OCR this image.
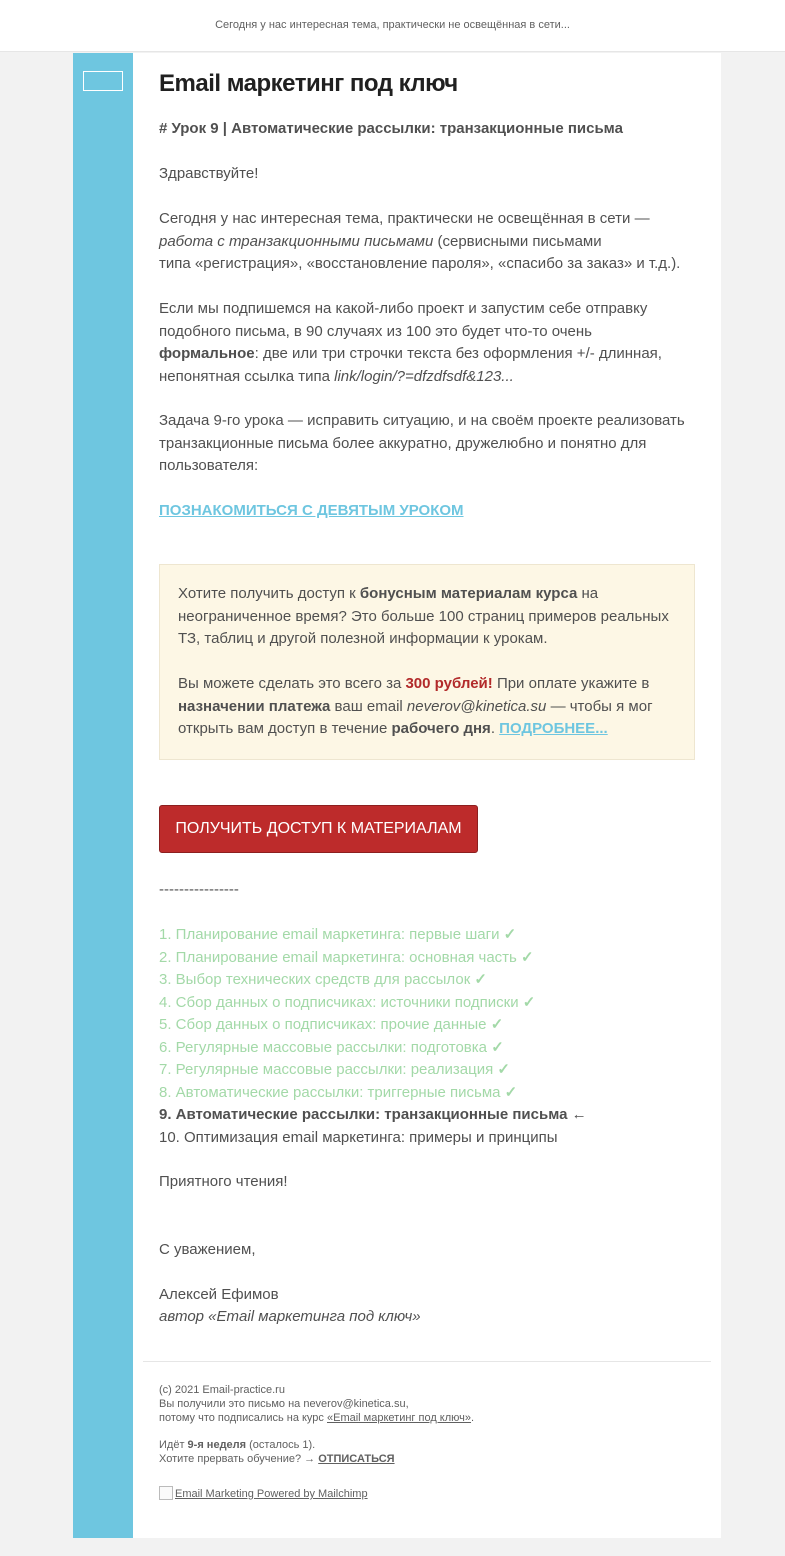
Сегодня у нас интересная тема, практически не освещённая в сети...
Email маркетинг под ключ

# Урок 9 | Автоматические рассылки: транзакционные письма

Здравствуйте!

Сегодня у нас интересная тема, практически не освещённая в сети —
работа с транзакционными письмами (сервисными письмами
типа «регистрация», «восстановление пароля», «спасибо за заказ» и т.д.).

Если мы подпишемся на какой-либо проект и запустим себе отправку
подобного письма, в 90 случаях из 100 это будет что-то очень
формальное: две или три строчки текста без оформления +/- длинная,
непонятная ссылка типа link/login/?=dfzdfsdf&123...

Задача 9-го урока — исправить ситуацию, и на своём проекте реализовать
транзакционные письма более аккуратно, дружелюбно и понятно для
пользователя:

ПОЗНАКОМИТЬСЯ С ДЕВЯТЫМ УРОКОМ

Хотите получить доступ к бонусным материалам курса на
неограниченное время? Это больше 100 страниц примеров реальных
ТЗ, таблиц и другой полезной информации к урокам.

Вы можете сделать это всего за 300 рублей! При оплате укажите в
назначении платежа ваш email neverov@kinetica.su — чтобы я мог
открыть вам доступ в течение рабочего дня. ПОДРОБНЕЕ...

ПОЛУЧИТЬ ДОСТУП К МАТЕРИАЛАМ

----------------

1. Планирование email маркетинга: первые шаги ✓
2. Планирование email маркетинга: основная часть ✓
3. Выбор технических средств для рассылок ✓
4. Сбор данных о подписчиках: источники подписки ✓
5. Сбор данных о подписчиках: прочие данные ✓
6. Регулярные массовые рассылки: подготовка ✓
7. Регулярные массовые рассылки: реализация ✓
8. Автоматические рассылки: триггерные письма ✓
9. Автоматические рассылки: транзакционные письма ←
10. Оптимизация email маркетинга: примеры и принципы

Приятного чтения!

С уважением,

Алексей Ефимов

автор «Email маркетинга под ключ»

(c) 2021 Email-practice.ru
Вы получили это письмо на neverov@kinetica.su,
потому что подписались на курс «Email маркетинг под ключ».
Идёт 9-я неделя (осталось 1).
Хотите прервать обучение? → ОТПИСАТЬСЯ
Email Marketing Powered by Mailchimp
